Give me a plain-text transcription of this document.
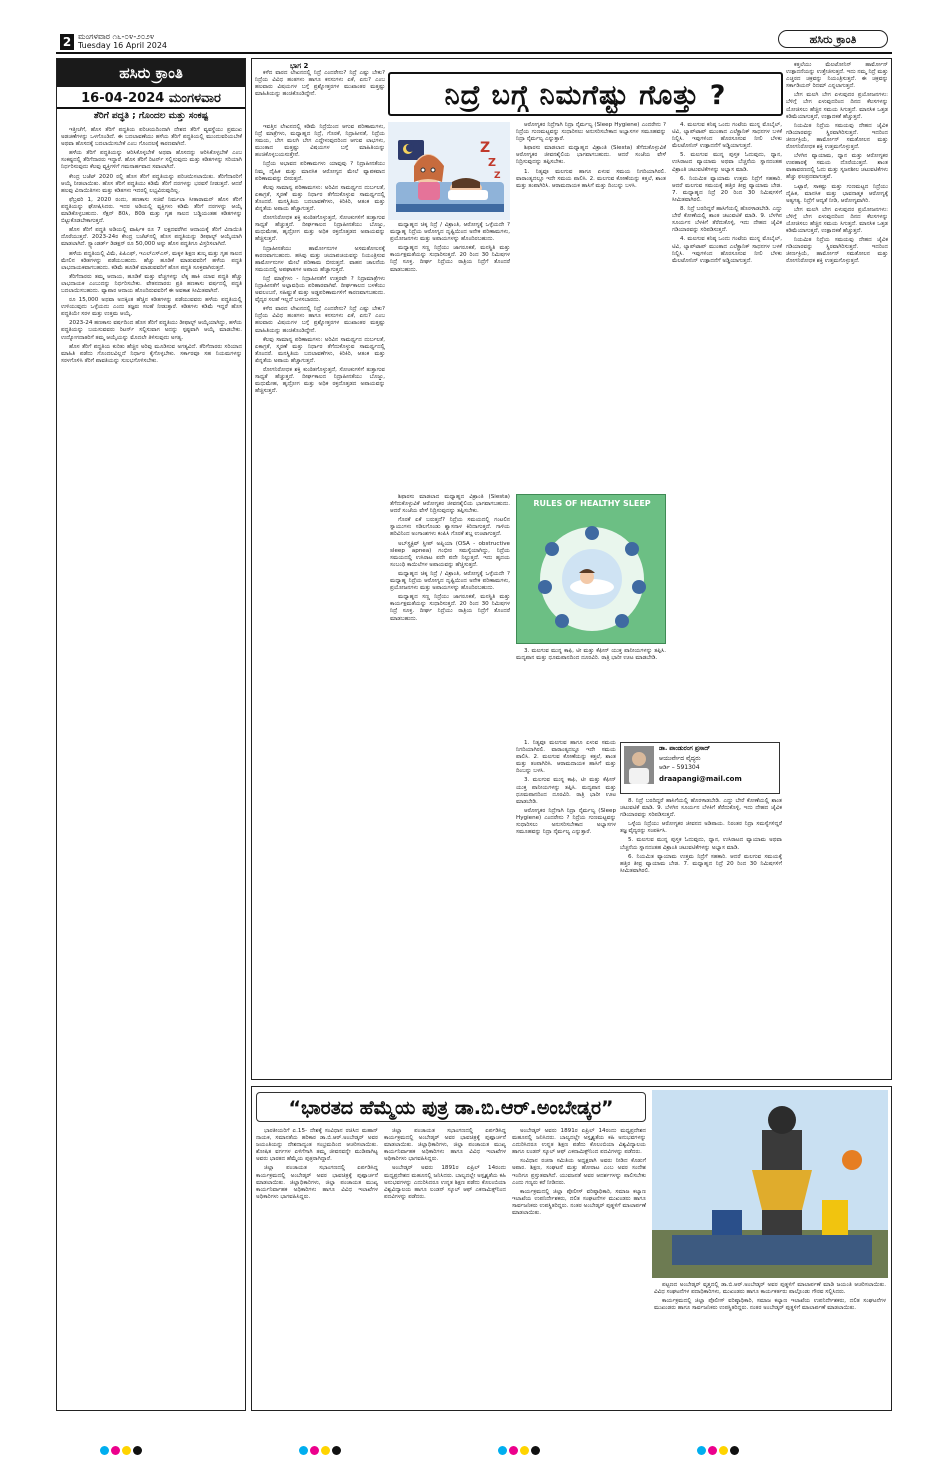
2 ಮಂಗಳವಾರ ೧೬-೦೪-೨೦೨೪
Tuesday 16 April 2024	ಹಸಿರು ಕ್ರಾಂತಿ
ಹಸಿರು ಕ್ರಾಂತಿ
16-04-2024 ಮಂಗಳವಾರ
ತೆರಿಗೆ ಪದ್ಧತಿ ; ಗೊಂದಲ ಮತ್ತು ಸಂಕಷ್ಟ

ಇತ್ತೀಚೆಗೆ, ಹೊಸ ತೆರಿಗೆ ಪದ್ಧತಿಯ ಪರಿಚಯದಿಂದಾಗಿ ದೇಶದ ತೆರಿಗೆ ವ್ಯವಸ್ಥೆಯು ಪ್ರಮುಖ ಅಡಚಣೆಗಳನ್ನು ಒಳಗೊಂಡಿದೆ. ಈ ಬದಲಾವಣೆಯು ಹಳೆಯ ತೆರಿಗೆ ಪದ್ಧತಿಯಲ್ಲಿ ಮುಂದುವರಿಯಬೇಕೆ ಅಥವಾ ಹೊಸದಕ್ಕೆ ಬದಲಾಯಿಸಬೇಕೆ ಎಂಬ ಗೊಂದಲಕ್ಕೆ ಕಾರಣವಾಗಿದೆ.

ಹಳೆಯ ತೆರಿಗೆ ಪದ್ಧತಿಯನ್ನು ಆರಿಸಿಕೊಳ್ಳಬೇಕೆ ಅಥವಾ ಹೊಸದನ್ನು ಆರಿಸಿಕೊಳ್ಳಬೇಕೆ ಎಂಬ ಸಂಕಷ್ಟದಲ್ಲಿ ತೆರಿಗೆದಾರರು ಇದ್ದಾರೆ. ಹೊಸ ತೆರಿಗೆ ರಿಟರ್ನ್ ಸಲ್ಲಿಸುವುದು ಮತ್ತು ಕಡಿತಗಳನ್ನು ಸರಿಯಾಗಿ ನಿರ್ಧರಿಸುವುದು ಕೆಲವು ವ್ಯಕ್ತಿಗಳಿಗೆ ಗಮನಾರ್ಹವಾದ ಸವಾಲಾಗಿದೆ.

ಕೇಂದ್ರ ಬಜೆಟ್ 2020 ರಲ್ಲಿ ಹೊಸ ತೆರಿಗೆ ಪದ್ಧತಿಯನ್ನು ಪರಿಚಯಿಸಲಾಯಿತು. ತೆರಿಗೆದಾರರಿಗೆ ಆಯ್ಕೆ ನೀಡಲಾಯಿತು. ಹೊಸ ತೆರಿಗೆ ಪದ್ಧತಿಯು ಕಡಿಮೆ ತೆರಿಗೆ ದರಗಳನ್ನು ಭರವಸೆ ನೀಡುತ್ತದೆ. ಆದರೆ ಹಲವು ವಿನಾಯಿತಿಗಳು ಮತ್ತು ಕಡಿತಗಳು ಇದರಲ್ಲಿ ಲಭ್ಯವಿರುವುದಿಲ್ಲ.

ಫೆಬ್ರವರಿ 1, 2020 ರಂದು, ಹಣಕಾಸು ಸಚಿವೆ ನಿರ್ಮಲಾ ಸೀತಾರಾಮನ್ ಹೊಸ ತೆರಿಗೆ ಪದ್ಧತಿಯನ್ನು ಘೋಷಿಸಿದರು. ಇದರ ಅಡಿಯಲ್ಲಿ ವ್ಯಕ್ತಿಗಳು ಕಡಿಮೆ ತೆರಿಗೆ ದರಗಳನ್ನು ಆಯ್ಕೆ ಮಾಡಿಕೊಳ್ಳಬಹುದು. ಸೆಕ್ಷನ್ 80ಸಿ, 80ಡಿ ಮತ್ತು ಗೃಹ ಸಾಲದ ಬಡ್ಡಿಯಂತಹ ಕಡಿತಗಳನ್ನು ಬಿಟ್ಟುಕೊಡಬೇಕಾಗುತ್ತದೆ.

ಹೊಸ ತೆರಿಗೆ ಪದ್ಧತಿ ಅಡಿಯಲ್ಲಿ ವಾರ್ಷಿಕ ರೂ 7 ಲಕ್ಷದವರೆಗಿನ ಆದಾಯಕ್ಕೆ ತೆರಿಗೆ ವಿನಾಯಿತಿ ದೊರೆಯುತ್ತದೆ. 2023-24ರ ಕೇಂದ್ರ ಬಜೆಟ್‌ನಲ್ಲಿ ಹೊಸ ಪದ್ಧತಿಯನ್ನು ಡೀಫಾಲ್ಟ್ ಆಯ್ಕೆಯಾಗಿ ಮಾಡಲಾಗಿದೆ. ಸ್ಟ್ಯಾಂಡರ್ಡ್ ಡಿಡಕ್ಷನ್ ರೂ 50,000 ಅನ್ನು ಹೊಸ ಪದ್ಧತಿಗೂ ವಿಸ್ತರಿಸಲಾಗಿದೆ.

ಹಳೆಯ ಪದ್ಧತಿಯಲ್ಲಿ ವಿಮೆ, ಪಿಪಿಎಫ್, ಇಎಲ್‌ಎಸ್‌ಎಸ್, ಮಕ್ಕಳ ಶಿಕ್ಷಣ ಶುಲ್ಕ ಮತ್ತು ಗೃಹ ಸಾಲದ ಮೇಲಿನ ಕಡಿತಗಳನ್ನು ಪಡೆಯಬಹುದು. ಹೆಚ್ಚು ಹೂಡಿಕೆ ಮಾಡುವವರಿಗೆ ಹಳೆಯ ಪದ್ಧತಿ ಲಾಭದಾಯಕವಾಗಬಹುದು. ಕಡಿಮೆ ಹೂಡಿಕೆ ಮಾಡುವವರಿಗೆ ಹೊಸ ಪದ್ಧತಿ ಸೂಕ್ತವಾಗಿರುತ್ತದೆ.

ತೆರಿಗೆದಾರರು ತಮ್ಮ ಆದಾಯ, ಹೂಡಿಕೆ ಮತ್ತು ವೆಚ್ಚಗಳನ್ನು ಲೆಕ್ಕ ಹಾಕಿ ಯಾವ ಪದ್ಧತಿ ಹೆಚ್ಚು ಲಾಭದಾಯಕ ಎಂಬುದನ್ನು ನಿರ್ಧರಿಸಬೇಕು. ವೇತನದಾರರು ಪ್ರತಿ ಹಣಕಾಸು ವರ್ಷದಲ್ಲಿ ಪದ್ಧತಿ ಬದಲಾಯಿಸಬಹುದು. ವ್ಯಾಪಾರ ಆದಾಯ ಹೊಂದಿರುವವರಿಗೆ ಈ ಅವಕಾಶ ಸೀಮಿತವಾಗಿದೆ.

ರೂ 15,000 ಅಥವಾ ಅದಕ್ಕಿಂತ ಹೆಚ್ಚಿನ ಕಡಿತಗಳನ್ನು ಪಡೆಯುವವರು ಹಳೆಯ ಪದ್ಧತಿಯಲ್ಲಿ ಉಳಿಯುವುದು ಒಳ್ಳೆಯದು ಎಂದು ತಜ್ಞರು ಸಲಹೆ ನೀಡುತ್ತಾರೆ. ಕಡಿತಗಳು ಕಡಿಮೆ ಇದ್ದರೆ ಹೊಸ ಪದ್ಧತಿಯೇ ಸರಳ ಮತ್ತು ಉತ್ತಮ ಆಯ್ಕೆ.

2023-24 ಹಣಕಾಸು ವರ್ಷದಿಂದ ಹೊಸ ತೆರಿಗೆ ಪದ್ಧತಿಯು ಡೀಫಾಲ್ಟ್ ಆಯ್ಕೆಯಾಗಿದ್ದು, ಹಳೆಯ ಪದ್ಧತಿಯನ್ನು ಬಯಸುವವರು ರಿಟರ್ನ್ ಸಲ್ಲಿಸುವಾಗ ಅದನ್ನು ಸ್ಪಷ್ಟವಾಗಿ ಆಯ್ಕೆ ಮಾಡಬೇಕು. ಉದ್ಯೋಗದಾತರಿಗೆ ತಮ್ಮ ಆಯ್ಕೆಯನ್ನು ಮೊದಲೇ ತಿಳಿಸುವುದು ಅಗತ್ಯ.

ಹೊಸ ತೆರಿಗೆ ಪದ್ಧತಿಯ ಕುರಿತು ಹೆಚ್ಚಿನ ಅರಿವು ಮೂಡಿಸುವ ಅಗತ್ಯವಿದೆ. ತೆರಿಗೆದಾರರು ಸರಿಯಾದ ಮಾಹಿತಿ ಪಡೆದು ಗೊಂದಲವಿಲ್ಲದೆ ನಿರ್ಧಾರ ಕೈಗೊಳ್ಳಬೇಕು. ಸರ್ಕಾರವೂ ಸಹ ನಿಯಮಗಳನ್ನು ಸರಳಗೊಳಿಸಿ ತೆರಿಗೆ ಪಾವತಿಯನ್ನು ಸುಲಭಗೊಳಿಸಬೇಕು.

ಭಾಗ 2

ಕಳೆದ ವಾರದ ಲೇಖನದಲ್ಲಿ ನಿದ್ರೆ ಎಂದರೇನು? ನಿದ್ರೆ ಎಷ್ಟು ಬೇಕು? ನಿದ್ರೆಯ ವಿವಿಧ ಹಂತಗಳು ಹಾಗೂ ಕನಸುಗಳು ಏಕೆ, ಏನು? ಎಂಬ ಹಲವಾರು ವಿಷಯಗಳ ಬಗ್ಗೆ ಪ್ರಶ್ನೋತ್ತರಗಳ ಮುಖಾಂತರ ಮತ್ತಷ್ಟು ಮಾಹಿತಿಯನ್ನು ಹಂಚಿಕೊಂಡಿದ್ದೇನೆ.	ನಿದ್ರೆ ಬಗ್ಗೆ ನಿಮಗೆಷ್ಟು ಗೊತ್ತು ?
Z
Z
Z

ಇವತ್ತಿನ ಲೇಖನದಲ್ಲಿ ಕಡಿಮೆ ನಿದ್ರೆಯಿಂದ ಆಗುವ ಪರಿಣಾಮಗಳು, ನಿದ್ರೆ ಮಾತ್ರೆಗಳು, ಮಧ್ಯಾಹ್ನದ ನಿದ್ರೆ, ಗೊರಕೆ, ನಿದ್ರಾಹೀನತೆ, ನಿದ್ರೆಯ ಸಮಯ, ಬೇಗ ಮಲಗಿ ಬೇಗ ಎದ್ದೇಳುವುದರಿಂದ ಆಗುವ ಲಾಭಗಳು, ಮುಂತಾದ ಮತ್ತಷ್ಟು ವಿಷಯಗಳ ಬಗ್ಗೆ ಮಾಹಿತಿಯನ್ನು ಹಂಚಿಕೊಳ್ಳಬಯಸುತ್ತೇನೆ.

ನಿದ್ರೆಯ ಅಭಾವದ ಪರಿಣಾಮಗಳು ಯಾವುವು ? ನಿದ್ರಾಹೀನತೆಯು ನಿಮ್ಮ ದೈಹಿಕ ಮತ್ತು ಮಾನಸಿಕ ಆರೋಗ್ಯದ ಮೇಲೆ ವ್ಯಾಪಕವಾದ ಪರಿಣಾಮವನ್ನು ಬೀರುತ್ತದೆ.

ಕೆಲವು ಸಾಮಾನ್ಯ ಪರಿಣಾಮಗಳು: ಅರಿವಿನ ಸಾಮರ್ಥ್ಯದ ದುರ್ಬಲತೆ, ಏಕಾಗ್ರತೆ, ಸ್ಮರಣೆ ಮತ್ತು ನಿರ್ಧಾರ ತೆಗೆದುಕೊಳ್ಳುವ ಸಾಮರ್ಥ್ಯದಲ್ಲಿ ತೊಂದರೆ. ಮನಸ್ಥಿತಿಯ ಬದಲಾವಣೆಗಳು, ಕಿರಿಕಿರಿ, ಆತಂಕ ಮತ್ತು ಖಿನ್ನತೆಯ ಅಪಾಯ ಹೆಚ್ಚಾಗುತ್ತದೆ.

ರೋಗನಿರೋಧಕ ಶಕ್ತಿ ಕುಂಠಿತಗೊಳ್ಳುತ್ತದೆ, ಸೋಂಕುಗಳಿಗೆ ತುತ್ತಾಗುವ ಸಾಧ್ಯತೆ ಹೆಚ್ಚುತ್ತದೆ. ದೀರ್ಘಕಾಲದ ನಿದ್ರಾಹೀನತೆಯು ಬೊಜ್ಜು, ಮಧುಮೇಹ, ಹೃದ್ರೋಗ ಮತ್ತು ಅಧಿಕ ರಕ್ತದೊತ್ತಡದ ಅಪಾಯವನ್ನು ಹೆಚ್ಚಿಸುತ್ತದೆ.

ನಿದ್ರಾಹೀನತೆಯು ಹಾರ್ಮೋನುಗಳ ಅಸಮತೋಲನಕ್ಕೆ ಕಾರಣವಾಗಬಹುದು. ಹಸಿವು ಮತ್ತು ಚಯಾಪಚಯವನ್ನು ನಿಯಂತ್ರಿಸುವ ಹಾರ್ಮೋನುಗಳ ಮೇಲೆ ಪರಿಣಾಮ ಬೀರುತ್ತದೆ. ವಾಹನ ಚಾಲನೆಯ ಸಮಯದಲ್ಲಿ ಅಪಘಾತಗಳ ಅಪಾಯ ಹೆಚ್ಚಾಗುತ್ತದೆ.

ನಿದ್ರೆ ಮಾತ್ರೆಗಳು - ನಿದ್ರಾಹೀನತೆಗೆ ಉತ್ತರವೇ ? ನಿದ್ರಾಮಾತ್ರೆಗಳು ನಿದ್ರಾಹೀನತೆಗೆ ಅಲ್ಪಾವಧಿಯ ಪರಿಹಾರವಾಗಿವೆ. ದೀರ್ಘಕಾಲದ ಬಳಕೆಯು ಅವಲಂಬನೆ, ಸಹಿಷ್ಣುತೆ ಮತ್ತು ಅಡ್ಡಪರಿಣಾಮಗಳಿಗೆ ಕಾರಣವಾಗಬಹುದು. ವೈದ್ಯರ ಸಲಹೆ ಇಲ್ಲದೆ ಬಳಸಬಾರದು.

ಕಳೆದ ವಾರದ ಲೇಖನದಲ್ಲಿ ನಿದ್ರೆ ಎಂದರೇನು? ನಿದ್ರೆ ಎಷ್ಟು ಬೇಕು? ನಿದ್ರೆಯ ವಿವಿಧ ಹಂತಗಳು ಹಾಗೂ ಕನಸುಗಳು ಏಕೆ, ಏನು? ಎಂಬ ಹಲವಾರು ವಿಷಯಗಳ ಬಗ್ಗೆ ಪ್ರಶ್ನೋತ್ತರಗಳ ಮುಖಾಂತರ ಮತ್ತಷ್ಟು ಮಾಹಿತಿಯನ್ನು ಹಂಚಿಕೊಂಡಿದ್ದೇನೆ.

ಕೆಲವು ಸಾಮಾನ್ಯ ಪರಿಣಾಮಗಳು: ಅರಿವಿನ ಸಾಮರ್ಥ್ಯದ ದುರ್ಬಲತೆ, ಏಕಾಗ್ರತೆ, ಸ್ಮರಣೆ ಮತ್ತು ನಿರ್ಧಾರ ತೆಗೆದುಕೊಳ್ಳುವ ಸಾಮರ್ಥ್ಯದಲ್ಲಿ ತೊಂದರೆ. ಮನಸ್ಥಿತಿಯ ಬದಲಾವಣೆಗಳು, ಕಿರಿಕಿರಿ, ಆತಂಕ ಮತ್ತು ಖಿನ್ನತೆಯ ಅಪಾಯ ಹೆಚ್ಚಾಗುತ್ತದೆ.

ರೋಗನಿರೋಧಕ ಶಕ್ತಿ ಕುಂಠಿತಗೊಳ್ಳುತ್ತದೆ, ಸೋಂಕುಗಳಿಗೆ ತುತ್ತಾಗುವ ಸಾಧ್ಯತೆ ಹೆಚ್ಚುತ್ತದೆ. ದೀರ್ಘಕಾಲದ ನಿದ್ರಾಹೀನತೆಯು ಬೊಜ್ಜು, ಮಧುಮೇಹ, ಹೃದ್ರೋಗ ಮತ್ತು ಅಧಿಕ ರಕ್ತದೊತ್ತಡದ ಅಪಾಯವನ್ನು ಹೆಚ್ಚಿಸುತ್ತದೆ.

ಮಧ್ಯಾಹ್ನದ ಚಿಕ್ಕ ನಿದ್ರೆ / ವಿಶ್ರಾಂತಿ, ಆರೋಗ್ಯಕ್ಕೆ ಒಳ್ಳೆಯದೇ ? ಮಧ್ಯಾಹ್ನ ನಿದ್ರೆಯ ಆರೋಗ್ಯದ ದೃಷ್ಟಿಯಿಂದ ಅನೇಕ ಪರಿಣಾಮಗಳು, ಪ್ರಯೋಜನಗಳು ಮತ್ತು ಅಪಾಯಗಳನ್ನು ಹೊಂದಿರಬಹುದು.

ಮಧ್ಯಾಹ್ನದ ಸಣ್ಣ ನಿದ್ರೆಯು ಜಾಗರೂಕತೆ, ಮನಸ್ಥಿತಿ ಮತ್ತು ಕಾರ್ಯಕ್ಷಮತೆಯನ್ನು ಸುಧಾರಿಸುತ್ತದೆ. 20 ರಿಂದ 30 ನಿಮಿಷಗಳ ನಿದ್ರೆ ಸೂಕ್ತ. ದೀರ್ಘ ನಿದ್ರೆಯು ರಾತ್ರಿಯ ನಿದ್ರೆಗೆ ತೊಂದರೆ ಮಾಡಬಹುದು.

RULES OF HEALTHY SLEEP

ಆರೋಗ್ಯಕರ ನಿದ್ರೆಗಾಗಿ ನಿದ್ರಾ ನೈರ್ಮಲ್ಯ (Sleep Hygiene) ಎಂದರೇನು ? ನಿದ್ರೆಯ ಗುಣಮಟ್ಟವನ್ನು ಸುಧಾರಿಸಲು ಅನುಸರಿಸಬೇಕಾದ ಅಭ್ಯಾಸಗಳ ಸಮೂಹವನ್ನು ನಿದ್ರಾ ನೈರ್ಮಲ್ಯ ಎನ್ನುತ್ತಾರೆ.

ಶಿಫಾರಸು ಮಾಡಲಾದ ಮಧ್ಯಾಹ್ನದ ವಿಶ್ರಾಂತಿ (Siesta) ತೆಗೆದುಕೊಳ್ಳುವಿಕೆ ಆರೋಗ್ಯಕರ ಜೀವನಶೈಲಿಯ ಭಾಗವಾಗಬಹುದು. ಆದರೆ ಸಂಜೆಯ ವೇಳೆ ನಿದ್ರಿಸುವುದನ್ನು ತಪ್ಪಿಸಬೇಕು.

1. ನಿತ್ಯವೂ ಮಲಗುವ ಹಾಗೂ ಏಳುವ ಸಮಯ ನಿಗದಿಯಾಗಿರಲಿ. ವಾರಾಂತ್ಯದಲ್ಲೂ ಇದೇ ಸಮಯ ಪಾಲಿಸಿ. 2. ಮಲಗುವ ಕೋಣೆಯನ್ನು ಕತ್ತಲೆ, ಶಾಂತ ಮತ್ತು ತಂಪಾಗಿರಿಸಿ. ಆರಾಮದಾಯಕ ಹಾಸಿಗೆ ಮತ್ತು ದಿಂಬನ್ನು ಬಳಸಿ.

ಶಿಫಾರಸು ಮಾಡಲಾದ ಮಧ್ಯಾಹ್ನದ ವಿಶ್ರಾಂತಿ (Siesta) ತೆಗೆದುಕೊಳ್ಳುವಿಕೆ ಆರೋಗ್ಯಕರ ಜೀವನಶೈಲಿಯ ಭಾಗವಾಗಬಹುದು. ಆದರೆ ಸಂಜೆಯ ವೇಳೆ ನಿದ್ರಿಸುವುದನ್ನು ತಪ್ಪಿಸಬೇಕು.

ಗೊರಕೆ ಏಕೆ ಬರುತ್ತದೆ? ನಿದ್ರೆಯ ಸಮಯದಲ್ಲಿ ಗಂಟಲಿನ ಸ್ನಾಯುಗಳು ಸಡಿಲಗೊಂಡು ಶ್ವಾಸನಾಳ ಕಿರಿದಾಗುತ್ತದೆ. ಗಾಳಿಯ ಹರಿವಿನಿಂದ ಅಂಗಾಂಶಗಳು ಕಂಪಿಸಿ ಗೊರಕೆ ಶಬ್ದ ಉಂಟಾಗುತ್ತದೆ.

ಅಬ್‌ಸ್ಟ್ರಕ್ಟಿವ್ ಸ್ಲೀಪ್ ಅಪ್ನಿಯಾ (OSA - obstructive sleep apnea) ಗಂಭೀರ ಸಮಸ್ಯೆಯಾಗಿದ್ದು, ನಿದ್ರೆಯ ಸಮಯದಲ್ಲಿ ಉಸಿರಾಟ ಪದೇ ಪದೇ ನಿಲ್ಲುತ್ತದೆ. ಇದು ಹೃದಯ ಸಂಬಂಧಿ ಕಾಯಿಲೆಗಳ ಅಪಾಯವನ್ನು ಹೆಚ್ಚಿಸುತ್ತದೆ.

ಮಧ್ಯಾಹ್ನದ ಚಿಕ್ಕ ನಿದ್ರೆ / ವಿಶ್ರಾಂತಿ, ಆರೋಗ್ಯಕ್ಕೆ ಒಳ್ಳೆಯದೇ ? ಮಧ್ಯಾಹ್ನ ನಿದ್ರೆಯ ಆರೋಗ್ಯದ ದೃಷ್ಟಿಯಿಂದ ಅನೇಕ ಪರಿಣಾಮಗಳು, ಪ್ರಯೋಜನಗಳು ಮತ್ತು ಅಪಾಯಗಳನ್ನು ಹೊಂದಿರಬಹುದು.

ಮಧ್ಯಾಹ್ನದ ಸಣ್ಣ ನಿದ್ರೆಯು ಜಾಗರೂಕತೆ, ಮನಸ್ಥಿತಿ ಮತ್ತು ಕಾರ್ಯಕ್ಷಮತೆಯನ್ನು ಸುಧಾರಿಸುತ್ತದೆ. 20 ರಿಂದ 30 ನಿಮಿಷಗಳ ನಿದ್ರೆ ಸೂಕ್ತ. ದೀರ್ಘ ನಿದ್ರೆಯು ರಾತ್ರಿಯ ನಿದ್ರೆಗೆ ತೊಂದರೆ ಮಾಡಬಹುದು.

3. ಮಲಗುವ ಮುನ್ನ ಕಾಫಿ, ಟೀ ಮತ್ತು ಕೆಫೀನ್ ಯುಕ್ತ ಪಾನೀಯಗಳನ್ನು ತಪ್ಪಿಸಿ. ಮದ್ಯಪಾನ ಮತ್ತು ಧೂಮಪಾನದಿಂದ ದೂರವಿರಿ. ರಾತ್ರಿ ಭಾರೀ ಊಟ ಮಾಡಬೇಡಿ.

ಡಾ. ಪಾಂಡುರಂಗ ಪ್ರಸಾದ್
ಆಯುರ್ವೇದ ವೈದ್ಯರು
ಆರ್ಡಿ – 591304
draapangi@mail.com

1. ನಿತ್ಯವೂ ಮಲಗುವ ಹಾಗೂ ಏಳುವ ಸಮಯ ನಿಗದಿಯಾಗಿರಲಿ. ವಾರಾಂತ್ಯದಲ್ಲೂ ಇದೇ ಸಮಯ ಪಾಲಿಸಿ. 2. ಮಲಗುವ ಕೋಣೆಯನ್ನು ಕತ್ತಲೆ, ಶಾಂತ ಮತ್ತು ತಂಪಾಗಿರಿಸಿ. ಆರಾಮದಾಯಕ ಹಾಸಿಗೆ ಮತ್ತು ದಿಂಬನ್ನು ಬಳಸಿ.

3. ಮಲಗುವ ಮುನ್ನ ಕಾಫಿ, ಟೀ ಮತ್ತು ಕೆಫೀನ್ ಯುಕ್ತ ಪಾನೀಯಗಳನ್ನು ತಪ್ಪಿಸಿ. ಮದ್ಯಪಾನ ಮತ್ತು ಧೂಮಪಾನದಿಂದ ದೂರವಿರಿ. ರಾತ್ರಿ ಭಾರೀ ಊಟ ಮಾಡಬೇಡಿ.

ಆರೋಗ್ಯಕರ ನಿದ್ರೆಗಾಗಿ ನಿದ್ರಾ ನೈರ್ಮಲ್ಯ (Sleep Hygiene) ಎಂದರೇನು ? ನಿದ್ರೆಯ ಗುಣಮಟ್ಟವನ್ನು ಸುಧಾರಿಸಲು ಅನುಸರಿಸಬೇಕಾದ ಅಭ್ಯಾಸಗಳ ಸಮೂಹವನ್ನು ನಿದ್ರಾ ನೈರ್ಮಲ್ಯ ಎನ್ನುತ್ತಾರೆ.

4. ಮಲಗುವ ಕನಿಷ್ಠ ಒಂದು ಗಂಟೆಯ ಮುನ್ನ ಮೊಬೈಲ್, ಟಿವಿ, ಲ್ಯಾಪ್‌ಟಾಪ್ ಮುಂತಾದ ಎಲೆಕ್ಟ್ರಾನಿಕ್ ಸಾಧನಗಳ ಬಳಕೆ ನಿಲ್ಲಿಸಿ. ಇವುಗಳಿಂದ ಹೊರಸೂಸುವ ನೀಲಿ ಬೆಳಕು ಮೆಲಟೋನಿನ್ ಉತ್ಪಾದನೆಗೆ ಅಡ್ಡಿಯಾಗುತ್ತದೆ.

5. ಮಲಗುವ ಮುನ್ನ ಪುಸ್ತಕ ಓದುವುದು, ಧ್ಯಾನ, ಉಸಿರಾಟದ ವ್ಯಾಯಾಮ ಅಥವಾ ಬೆಚ್ಚನೆಯ ಸ್ನಾನದಂತಹ ವಿಶ್ರಾಂತಿ ಚಟುವಟಿಕೆಗಳನ್ನು ಅಭ್ಯಾಸ ಮಾಡಿ.

6. ನಿಯಮಿತ ವ್ಯಾಯಾಮ ಉತ್ತಮ ನಿದ್ರೆಗೆ ಸಹಕಾರಿ. ಆದರೆ ಮಲಗುವ ಸಮಯಕ್ಕೆ ಹತ್ತಿರ ತೀವ್ರ ವ್ಯಾಯಾಮ ಬೇಡ. 7. ಮಧ್ಯಾಹ್ನದ ನಿದ್ರೆ 20 ರಿಂದ 30 ನಿಮಿಷಗಳಿಗೆ ಸೀಮಿತವಾಗಿರಲಿ.

8. ನಿದ್ರೆ ಬರದಿದ್ದರೆ ಹಾಸಿಗೆಯಲ್ಲಿ ಹೊರಳಾಡಬೇಡಿ. ಎದ್ದು ಬೇರೆ ಕೋಣೆಯಲ್ಲಿ ಶಾಂತ ಚಟುವಟಿಕೆ ಮಾಡಿ. 9. ಬೆಳಗಿನ ಸೂರ್ಯನ ಬೆಳಕಿಗೆ ತೆರೆದುಕೊಳ್ಳಿ, ಇದು ದೇಹದ ಜೈವಿಕ ಗಡಿಯಾರವನ್ನು ಸರಿಪಡಿಸುತ್ತದೆ.

4. ಮಲಗುವ ಕನಿಷ್ಠ ಒಂದು ಗಂಟೆಯ ಮುನ್ನ ಮೊಬೈಲ್, ಟಿವಿ, ಲ್ಯಾಪ್‌ಟಾಪ್ ಮುಂತಾದ ಎಲೆಕ್ಟ್ರಾನಿಕ್ ಸಾಧನಗಳ ಬಳಕೆ ನಿಲ್ಲಿಸಿ. ಇವುಗಳಿಂದ ಹೊರಸೂಸುವ ನೀಲಿ ಬೆಳಕು ಮೆಲಟೋನಿನ್ ಉತ್ಪಾದನೆಗೆ ಅಡ್ಡಿಯಾಗುತ್ತದೆ.

8. ನಿದ್ರೆ ಬರದಿದ್ದರೆ ಹಾಸಿಗೆಯಲ್ಲಿ ಹೊರಳಾಡಬೇಡಿ. ಎದ್ದು ಬೇರೆ ಕೋಣೆಯಲ್ಲಿ ಶಾಂತ ಚಟುವಟಿಕೆ ಮಾಡಿ. 9. ಬೆಳಗಿನ ಸೂರ್ಯನ ಬೆಳಕಿಗೆ ತೆರೆದುಕೊಳ್ಳಿ, ಇದು ದೇಹದ ಜೈವಿಕ ಗಡಿಯಾರವನ್ನು ಸರಿಪಡಿಸುತ್ತದೆ.

ಒಳ್ಳೆಯ ನಿದ್ರೆಯು ಆರೋಗ್ಯಕರ ಜೀವನದ ಅಡಿಪಾಯ. ನಿರಂತರ ನಿದ್ರಾ ಸಮಸ್ಯೆಗಳಿದ್ದರೆ ತಜ್ಞ ವೈದ್ಯರನ್ನು ಸಂಪರ್ಕಿಸಿ.

5. ಮಲಗುವ ಮುನ್ನ ಪುಸ್ತಕ ಓದುವುದು, ಧ್ಯಾನ, ಉಸಿರಾಟದ ವ್ಯಾಯಾಮ ಅಥವಾ ಬೆಚ್ಚನೆಯ ಸ್ನಾನದಂತಹ ವಿಶ್ರಾಂತಿ ಚಟುವಟಿಕೆಗಳನ್ನು ಅಭ್ಯಾಸ ಮಾಡಿ.

6. ನಿಯಮಿತ ವ್ಯಾಯಾಮ ಉತ್ತಮ ನಿದ್ರೆಗೆ ಸಹಕಾರಿ. ಆದರೆ ಮಲಗುವ ಸಮಯಕ್ಕೆ ಹತ್ತಿರ ತೀವ್ರ ವ್ಯಾಯಾಮ ಬೇಡ. 7. ಮಧ್ಯಾಹ್ನದ ನಿದ್ರೆ 20 ರಿಂದ 30 ನಿಮಿಷಗಳಿಗೆ ಸೀಮಿತವಾಗಿರಲಿ.

ಕತ್ತಲೆಯು ಮೆಲಟೋನಿನ್ ಹಾರ್ಮೋನ್ ಉತ್ಪಾದನೆಯನ್ನು ಉತ್ತೇಜಿಸುತ್ತದೆ. ಇದು ನಮ್ಮ ನಿದ್ರೆ ಮತ್ತು ಎಚ್ಚರದ ಚಕ್ರವನ್ನು ನಿಯಂತ್ರಿಸುತ್ತದೆ. ಈ ಚಕ್ರವನ್ನು ಸರ್ಕಾಡಿಯನ್ ರಿದಮ್ ಎನ್ನಲಾಗುತ್ತದೆ.

ಬೇಗ ಮಲಗಿ ಬೇಗ ಏಳುವುದರ ಪ್ರಯೋಜನಗಳು: ಬೆಳಿಗ್ಗೆ ಬೇಗ ಏಳುವುದರಿಂದ ದಿನದ ಕೆಲಸಗಳನ್ನು ಯೋಜಿಸಲು ಹೆಚ್ಚಿನ ಸಮಯ ಸಿಗುತ್ತದೆ. ಮಾನಸಿಕ ಒತ್ತಡ ಕಡಿಮೆಯಾಗುತ್ತದೆ, ಉತ್ಪಾದಕತೆ ಹೆಚ್ಚುತ್ತದೆ.

ನಿಯಮಿತ ನಿದ್ರೆಯ ಸಮಯವು ದೇಹದ ಜೈವಿಕ ಗಡಿಯಾರವನ್ನು ಸ್ಥಿರವಾಗಿರಿಸುತ್ತದೆ. ಇದರಿಂದ ಜೀರ್ಣಕ್ರಿಯೆ, ಹಾರ್ಮೋನ್ ಸಮತೋಲನ ಮತ್ತು ರೋಗನಿರೋಧಕ ಶಕ್ತಿ ಉತ್ತಮಗೊಳ್ಳುತ್ತದೆ.

ಬೆಳಗಿನ ವ್ಯಾಯಾಮ, ಧ್ಯಾನ ಮತ್ತು ಆರೋಗ್ಯಕರ ಉಪಹಾರಕ್ಕೆ ಸಮಯ ದೊರೆಯುತ್ತದೆ. ಶಾಂತ ವಾತಾವರಣದಲ್ಲಿ ಓದು ಮತ್ತು ಸೃಜನಶೀಲ ಚಟುವಟಿಕೆಗಳು ಹೆಚ್ಚು ಫಲಪ್ರದವಾಗುತ್ತವೆ.

ಒಟ್ಟಾರೆ, ಸಾಕಷ್ಟು ಮತ್ತು ಗುಣಮಟ್ಟದ ನಿದ್ರೆಯು ದೈಹಿಕ, ಮಾನಸಿಕ ಮತ್ತು ಭಾವನಾತ್ಮಕ ಆರೋಗ್ಯಕ್ಕೆ ಅತ್ಯಗತ್ಯ. ನಿದ್ರೆಗೆ ಆದ್ಯತೆ ನೀಡಿ, ಆರೋಗ್ಯವಾಗಿರಿ.

ಬೇಗ ಮಲಗಿ ಬೇಗ ಏಳುವುದರ ಪ್ರಯೋಜನಗಳು: ಬೆಳಿಗ್ಗೆ ಬೇಗ ಏಳುವುದರಿಂದ ದಿನದ ಕೆಲಸಗಳನ್ನು ಯೋಜಿಸಲು ಹೆಚ್ಚಿನ ಸಮಯ ಸಿಗುತ್ತದೆ. ಮಾನಸಿಕ ಒತ್ತಡ ಕಡಿಮೆಯಾಗುತ್ತದೆ, ಉತ್ಪಾದಕತೆ ಹೆಚ್ಚುತ್ತದೆ.

ನಿಯಮಿತ ನಿದ್ರೆಯ ಸಮಯವು ದೇಹದ ಜೈವಿಕ ಗಡಿಯಾರವನ್ನು ಸ್ಥಿರವಾಗಿರಿಸುತ್ತದೆ. ಇದರಿಂದ ಜೀರ್ಣಕ್ರಿಯೆ, ಹಾರ್ಮೋನ್ ಸಮತೋಲನ ಮತ್ತು ರೋಗನಿರೋಧಕ ಶಕ್ತಿ ಉತ್ತಮಗೊಳ್ಳುತ್ತದೆ.

“ಭಾರತದ ಹೆಮ್ಮೆಯ ಪುತ್ರ ಡಾ.ಬಿ.ಆರ್.ಅಂಬೇಡ್ಕರ”

ಭಾರತೀಯರಿಗೆ ಏ.15- ದೇಶಕ್ಕೆ ಸಂವಿಧಾನ ರಚಿಸಿದ ಮಹಾನ್ ನಾಯಕ, ಸಮಾನತೆಯ ಹರಿಕಾರ ಡಾ.ಬಿ.ಆರ್.ಅಂಬೇಡ್ಕರ್ ಅವರ ಜಯಂತಿಯನ್ನು ದೇಶದಾದ್ಯಂತ ಸಂಭ್ರಮದಿಂದ ಆಚರಿಸಲಾಯಿತು. ಶೋಷಿತ ವರ್ಗಗಳ ಏಳಿಗೆಗಾಗಿ ತಮ್ಮ ಜೀವನವನ್ನೇ ಮುಡಿಪಾಗಿಟ್ಟ ಅವರು ಭಾರತದ ಹೆಮ್ಮೆಯ ಪುತ್ರರಾಗಿದ್ದಾರೆ.

ಜಿಲ್ಲಾ ಪಂಚಾಯತ ಸಭಾಂಗಣದಲ್ಲಿ ಏರ್ಪಡಿಸಿದ್ದ ಕಾರ್ಯಕ್ರಮದಲ್ಲಿ ಅಂಬೇಡ್ಕರ್ ಅವರ ಭಾವಚಿತ್ರಕ್ಕೆ ಪುಷ್ಪಾರ್ಚನೆ ಮಾಡಲಾಯಿತು. ಜಿಲ್ಲಾಧಿಕಾರಿಗಳು, ಜಿಲ್ಲಾ ಪಂಚಾಯತ ಮುಖ್ಯ ಕಾರ್ಯನಿರ್ವಾಹಕ ಅಧಿಕಾರಿಗಳು ಹಾಗೂ ವಿವಿಧ ಇಲಾಖೆಗಳ ಅಧಿಕಾರಿಗಳು ಭಾಗವಹಿಸಿದ್ದರು.

ಜಿಲ್ಲಾ ಪಂಚಾಯತ ಸಭಾಂಗಣದಲ್ಲಿ ಏರ್ಪಡಿಸಿದ್ದ ಕಾರ್ಯಕ್ರಮದಲ್ಲಿ ಅಂಬೇಡ್ಕರ್ ಅವರ ಭಾವಚಿತ್ರಕ್ಕೆ ಪುಷ್ಪಾರ್ಚನೆ ಮಾಡಲಾಯಿತು. ಜಿಲ್ಲಾಧಿಕಾರಿಗಳು, ಜಿಲ್ಲಾ ಪಂಚಾಯತ ಮುಖ್ಯ ಕಾರ್ಯನಿರ್ವಾಹಕ ಅಧಿಕಾರಿಗಳು ಹಾಗೂ ವಿವಿಧ ಇಲಾಖೆಗಳ ಅಧಿಕಾರಿಗಳು ಭಾಗವಹಿಸಿದ್ದರು.

ಅಂಬೇಡ್ಕರ್ ಅವರು 1891ರ ಏಪ್ರಿಲ್ 14ರಂದು ಮಧ್ಯಪ್ರದೇಶದ ಮಹೂನಲ್ಲಿ ಜನಿಸಿದರು. ಬಾಲ್ಯದಲ್ಲೇ ಅಸ್ಪೃಶ್ಯತೆಯ ಕಹಿ ಅನುಭವಗಳನ್ನು ಎದುರಿಸಿದರೂ ಉನ್ನತ ಶಿಕ್ಷಣ ಪಡೆದು ಕೊಲಂಬಿಯಾ ವಿಶ್ವವಿದ್ಯಾಲಯ ಹಾಗೂ ಲಂಡನ್ ಸ್ಕೂಲ್ ಆಫ್ ಎಕನಾಮಿಕ್ಸ್‌ನಿಂದ ಪದವಿಗಳನ್ನು ಪಡೆದರು.

ಅಂಬೇಡ್ಕರ್ ಅವರು 1891ರ ಏಪ್ರಿಲ್ 14ರಂದು ಮಧ್ಯಪ್ರದೇಶದ ಮಹೂನಲ್ಲಿ ಜನಿಸಿದರು. ಬಾಲ್ಯದಲ್ಲೇ ಅಸ್ಪೃಶ್ಯತೆಯ ಕಹಿ ಅನುಭವಗಳನ್ನು ಎದುರಿಸಿದರೂ ಉನ್ನತ ಶಿಕ್ಷಣ ಪಡೆದು ಕೊಲಂಬಿಯಾ ವಿಶ್ವವಿದ್ಯಾಲಯ ಹಾಗೂ ಲಂಡನ್ ಸ್ಕೂಲ್ ಆಫ್ ಎಕನಾಮಿಕ್ಸ್‌ನಿಂದ ಪದವಿಗಳನ್ನು ಪಡೆದರು.

ಸಂವಿಧಾನ ರಚನಾ ಸಮಿತಿಯ ಅಧ್ಯಕ್ಷರಾಗಿ ಅವರು ನೀಡಿದ ಕೊಡುಗೆ ಅಪಾರ. ಶಿಕ್ಷಣ, ಸಂಘಟನೆ ಮತ್ತು ಹೋರಾಟ ಎಂಬ ಅವರ ಸಂದೇಶ ಇಂದಿಗೂ ಪ್ರಸ್ತುತವಾಗಿದೆ. ಯುವಜನತೆ ಅವರ ಆದರ್ಶಗಳನ್ನು ಪಾಲಿಸಬೇಕು ಎಂದು ಗಣ್ಯರು ಕರೆ ನೀಡಿದರು.

ಕಾರ್ಯಕ್ರಮದಲ್ಲಿ ಜಿಲ್ಲಾ ಪೊಲೀಸ್ ವರಿಷ್ಠಾಧಿಕಾರಿ, ಸಮಾಜ ಕಲ್ಯಾಣ ಇಲಾಖೆಯ ಉಪನಿರ್ದೇಶಕರು, ದಲಿತ ಸಂಘಟನೆಗಳ ಮುಖಂಡರು ಹಾಗೂ ಸಾರ್ವಜನಿಕರು ಉಪಸ್ಥಿತರಿದ್ದರು. ನಂತರ ಅಂಬೇಡ್ಕರ್ ಪುತ್ಥಳಿಗೆ ಮಾಲಾರ್ಪಣೆ ಮಾಡಲಾಯಿತು.

ಪಟ್ಟಣದ ಅಂಬೇಡ್ಕರ್ ವೃತ್ತದಲ್ಲಿ ಡಾ.ಬಿ.ಆರ್.ಅಂಬೇಡ್ಕರ್ ಅವರ ಪುತ್ಥಳಿಗೆ ಮಾಲಾರ್ಪಣೆ ಮಾಡಿ ಜಯಂತಿ ಆಚರಿಸಲಾಯಿತು. ವಿವಿಧ ಸಂಘಟನೆಗಳ ಪದಾಧಿಕಾರಿಗಳು, ಮುಖಂಡರು ಹಾಗೂ ಕಾರ್ಯಕರ್ತರು ಪಾಲ್ಗೊಂಡು ಗೌರವ ಸಲ್ಲಿಸಿದರು.

ಕಾರ್ಯಕ್ರಮದಲ್ಲಿ ಜಿಲ್ಲಾ ಪೊಲೀಸ್ ವರಿಷ್ಠಾಧಿಕಾರಿ, ಸಮಾಜ ಕಲ್ಯಾಣ ಇಲಾಖೆಯ ಉಪನಿರ್ದೇಶಕರು, ದಲಿತ ಸಂಘಟನೆಗಳ ಮುಖಂಡರು ಹಾಗೂ ಸಾರ್ವಜನಿಕರು ಉಪಸ್ಥಿತರಿದ್ದರು. ನಂತರ ಅಂಬೇಡ್ಕರ್ ಪುತ್ಥಳಿಗೆ ಮಾಲಾರ್ಪಣೆ ಮಾಡಲಾಯಿತು.
